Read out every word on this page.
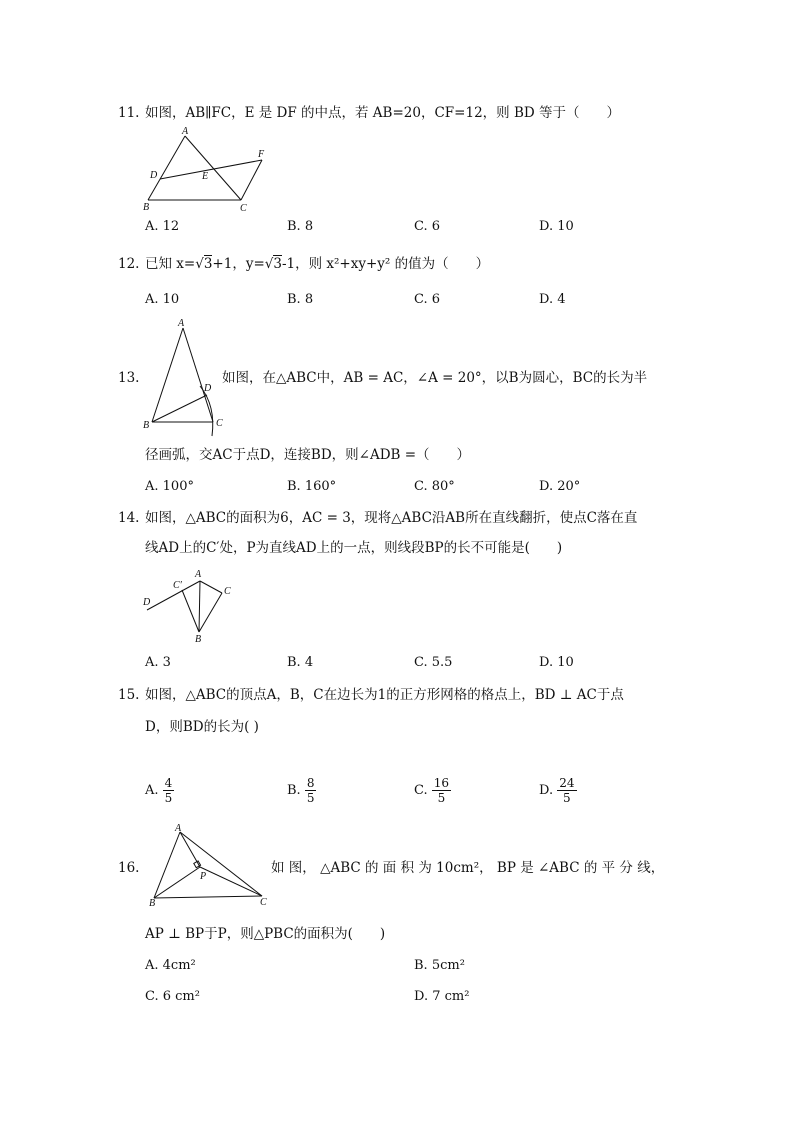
11. 如图，AB∥FC，E 是 DF 的中点，若 AB=20，CF=12，则 BD 等于（　　）
A
D	E
F
B	C
A. 12	B. 8	C. 6	D. 10
12. 已知 x=√3+1，y=√3-1，则 x²+xy+y² 的值为（　　）
A. 10	B. 8	C. 6	D. 4
A
D
B	C
13.	如图，在△ABC中，AB = AC，∠A = 20°，以B为圆心，BC的长为半
径画弧，交AC于点D，连接BD，则∠ADB =（　　）
A. 100°	B. 160°	C. 80°	D. 20°
14. 如图，△ABC的面积为6，AC = 3，现将△ABC沿AB所在直线翻折，使点C落在直
线AD上的C′处，P为直线AD上的一点，则线段BP的长不可能是(　　)
A
C′
C
D
B
A. 3	B. 4	C. 5.5	D. 10
15. 如图，△ABC的顶点A，B，C在边长为1的正方形网格的格点上，BD ⊥ AC于点
D，则BD的长为( )
A. $\frac{4}{5}$	B. $\frac{8}{5}$	C. $\frac{16}{5}$	D. $\frac{24}{5}$
A
P
B	C
16.	如 图， △ABC 的 面 积 为 10cm²， BP 是 ∠ABC 的 平 分 线，
AP ⊥ BP于P，则△PBC的面积为(　　)
A. 4cm²	B. 5cm²
C. 6 cm²	D. 7 cm²
